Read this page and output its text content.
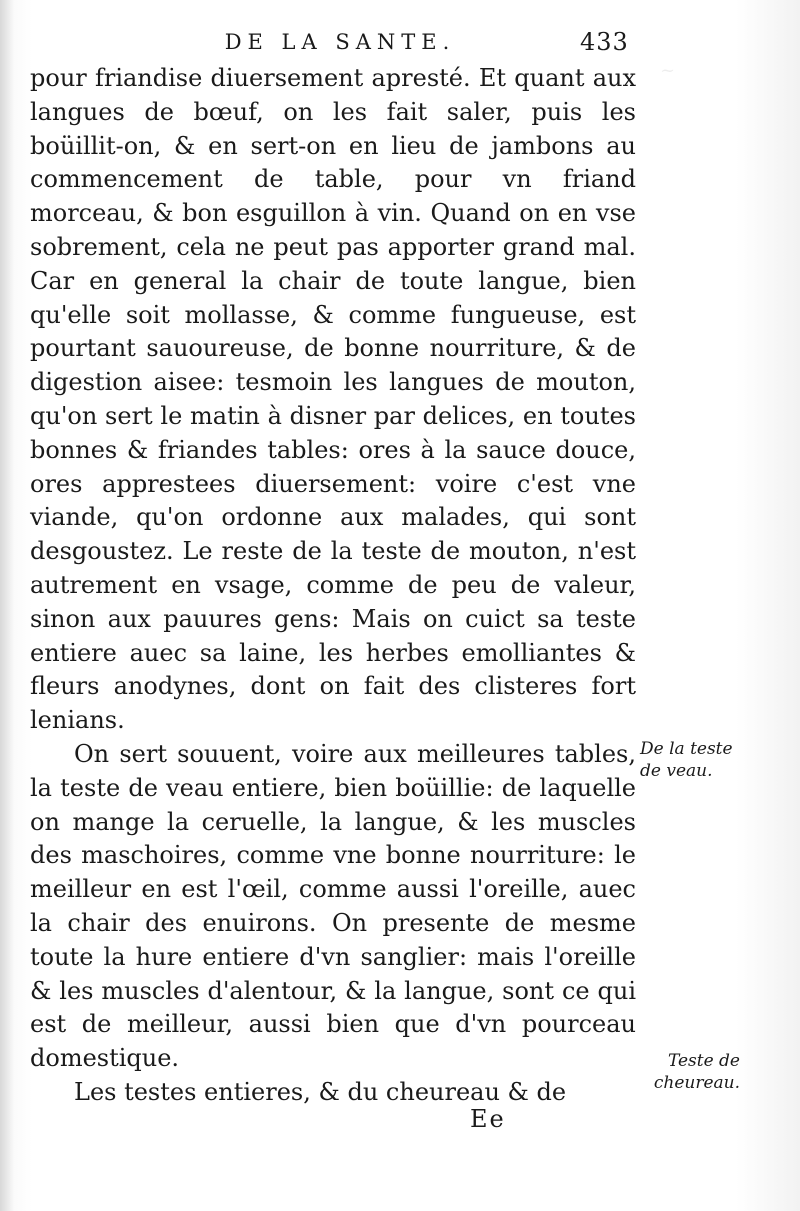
~
DE LA SANTE.	433

pour friandise diuersement apresté. Et quant aux langues de bœuf, on les fait saler, puis les boüillit-on, & en sert-on en lieu de jambons au commencement de table, pour vn friand morceau, & bon esguillon à vin. Quand on en vse sobrement, cela ne peut pas apporter grand mal. Car en general la chair de toute langue, bien qu'elle soit mollasse, & comme fungueuse, est pourtant sauoureuse, de bonne nourriture, & de digestion aisee: tesmoin les langues de mouton, qu'on sert le matin à disner par delices, en toutes bonnes & friandes tables: ores à la sauce douce, ores apprestees diuersement: voire c'est vne viande, qu'on ordonne aux malades, qui sont desgoustez. Le reste de la teste de mouton, n'est autrement en vsage, comme de peu de valeur, sinon aux pauures gens: Mais on cuict sa teste entiere auec sa laine, les herbes emolliantes & fleurs anodynes, dont on fait des clisteres fort lenians.

On sert souuent, voire aux meilleures tables, la teste de veau entiere, bien boüillie: de laquelle on mange la ceruelle, la langue, & les muscles des maschoires, comme vne bonne nourriture: le meilleur en est l'œil, comme aussi l'oreille, auec la chair des enuirons. On presente de mesme toute la hure entiere d'vn sanglier: mais l'oreille & les muscles d'alentour, & la langue, sont ce qui est de meilleur, aussi bien que d'vn pourceau domestique.

Les testes entieres, & du cheureau & de

De la teste de veau.
Teste de cheureau.
Ee
